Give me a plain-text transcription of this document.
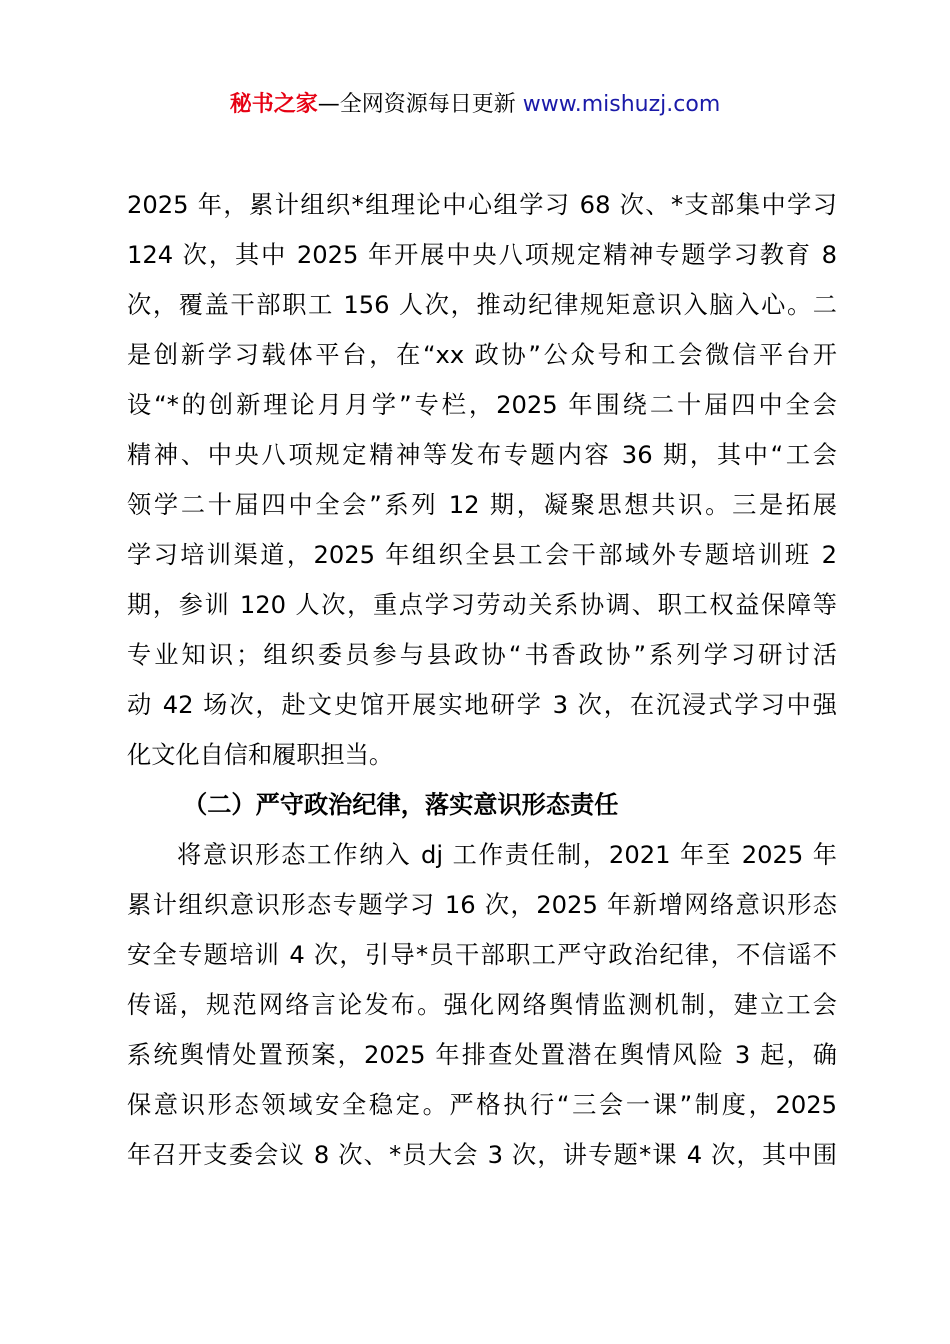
秘书之家—全网资源每日更新 www.mishuzj.com
2025 年，累计组织*组理论中心组学习 68 次、*支部集中学习
124 次，其中 2025 年开展中央八项规定精神专题学习教育 8
次，覆盖干部职工 156 人次，推动纪律规矩意识入脑入心。二
是创新学习载体平台，在“xx 政协”公众号和工会微信平台开
设“*的创新理论月月学”专栏，2025 年围绕二十届四中全会
精神、中央八项规定精神等发布专题内容 36 期，其中“工会
领学二十届四中全会”系列 12 期，凝聚思想共识。三是拓展
学习培训渠道，2025 年组织全县工会干部域外专题培训班 2
期，参训 120 人次，重点学习劳动关系协调、职工权益保障等
专业知识；组织委员参与县政协“书香政协”系列学习研讨活
动 42 场次，赴文史馆开展实地研学 3 次，在沉浸式学习中强
化文化自信和履职担当。
（二）严守政治纪律，落实意识形态责任
将意识形态工作纳入 dj 工作责任制，2021 年至 2025 年
累计组织意识形态专题学习 16 次，2025 年新增网络意识形态
安全专题培训 4 次，引导*员干部职工严守政治纪律，不信谣不
传谣，规范网络言论发布。强化网络舆情监测机制，建立工会
系统舆情处置预案，2025 年排查处置潜在舆情风险 3 起，确
保意识形态领域安全稳定。严格执行“三会一课”制度，2025
年召开支委会议 8 次、*员大会 3 次，讲专题*课 4 次，其中围
